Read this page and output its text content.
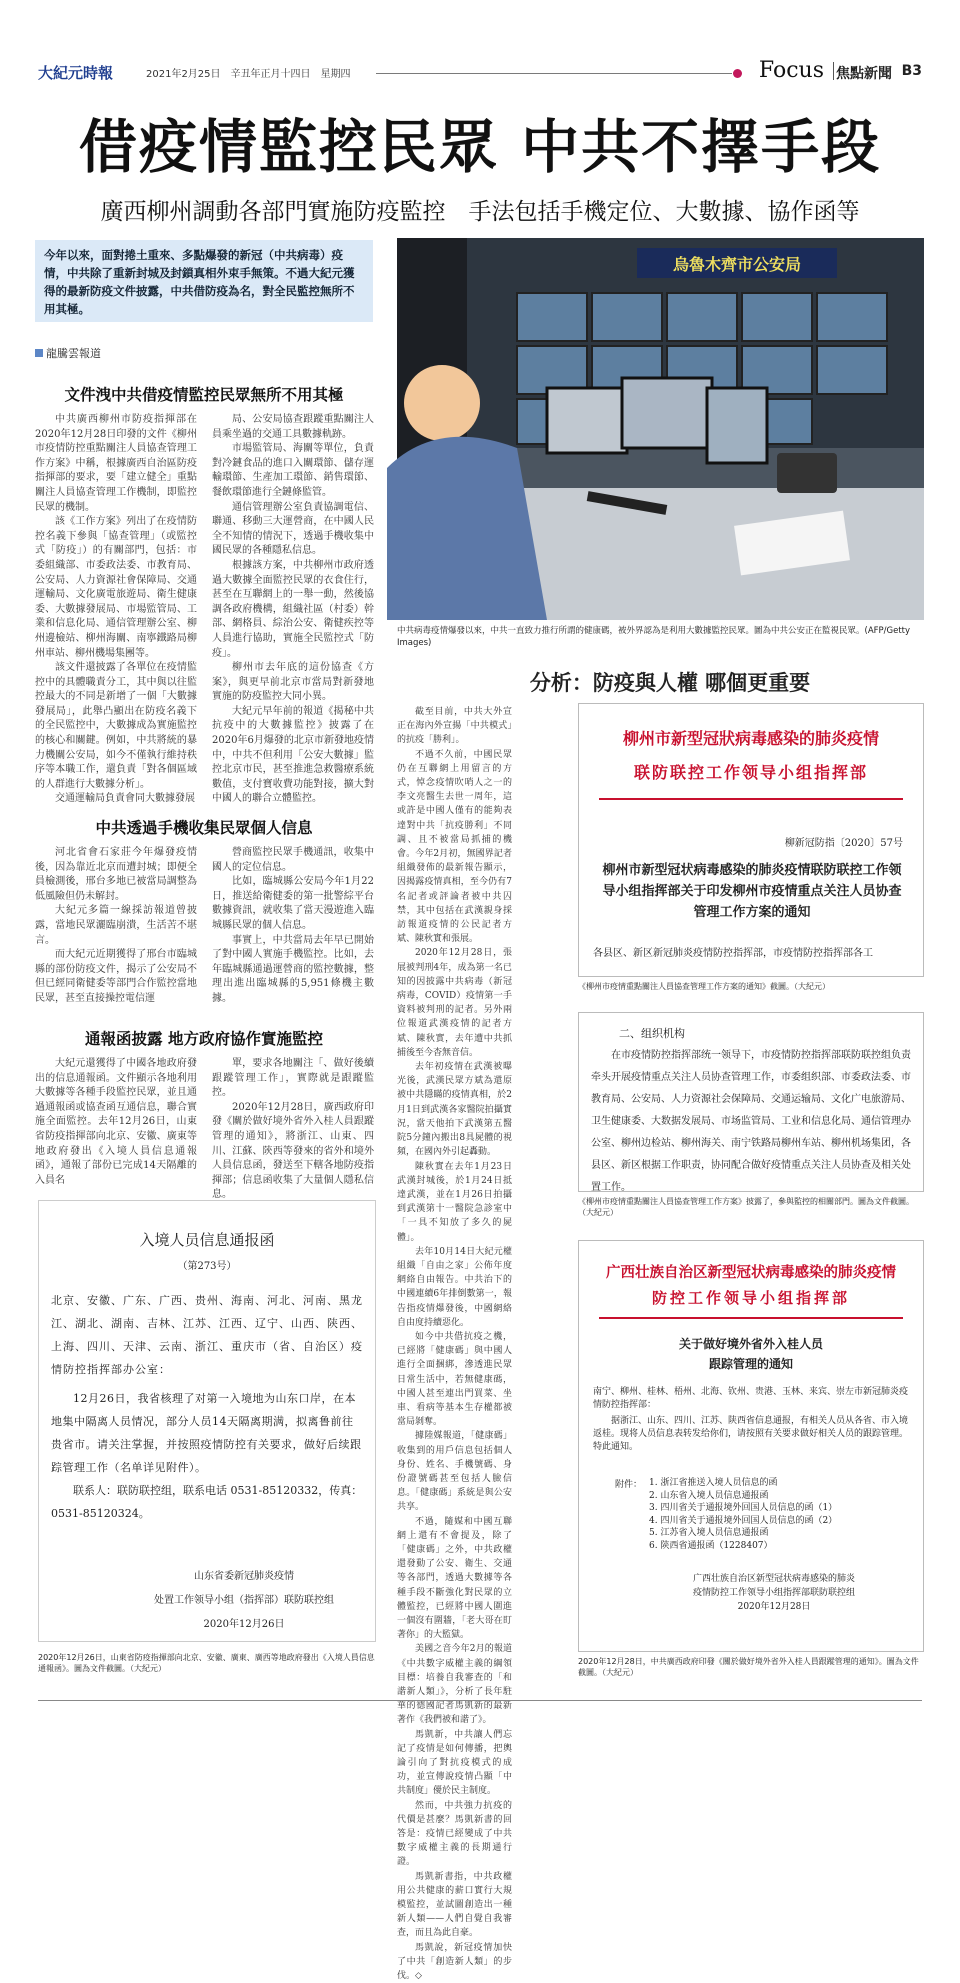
大紀元時報	2021年2月25日　辛丑年正月十四日　星期四	Focus 焦點新聞 B3
借疫情監控民眾 中共不擇手段
廣西柳州調動各部門實施防疫監控　手法包括手機定位、大數據、協作函等
今年以來，面對捲土重來、多點爆發的新冠（中共病毒）疫情，中共除了重新封城及封鎖真相外束手無策。不過大紀元獲得的最新防疫文件披露，中共借防疫為名，對全民監控無所不用其極。
龍騰雲報道
文件洩中共借疫情監控民眾無所不用其極

中共廣西柳州市防疫指揮部在2020年12月28日印發的文件《柳州市疫情防控重點關注人員協查管理工作方案》中稱，根據廣西自治區防疫指揮部的要求，要「建立健全」重點關注人員協查管理工作機制，即監控民眾的機制。

該《工作方案》列出了在疫情防控名義下參與「協查管理」（或監控式「防疫」）的有關部門，包括：市委組織部、市委政法委、市教育局、公安局、人力資源社會保障局、交通運輸局、文化廣電旅遊局、衛生健康委、大數據發展局、市場監管局、工業和信息化局、通信管理辦公室、柳州邊檢站、柳州海關、南寧鐵路局柳州車站、柳州機場集團等。

該文件還披露了各單位在疫情監控中的具體職責分工，其中與以往監控最大的不同是新增了一個「大數據發展局」，此舉凸顯出在防疫名義下的全民監控中，大數據成為實施監控的核心和關鍵。例如，中共將統的暴力機關公安局，如今不僅執行維持秩序等本職工作，還負責「對各個區域的人群進行大數據分析」。

交通運輸局負責會同大數據發展

局、公安局協查跟蹤重點關注人員乘坐過的交通工具數據軌跡。

市場監管局、海關等單位，負責對冷鏈食品的進口入關環節、儲存運輸環節、生產加工環節、銷售環節、餐飲環節進行全鏈條監管。

通信管理辦公室負責協調電信、聯通、移動三大運營商，在中國人民全不知情的情況下，透過手機收集中國民眾的各種隱私信息。

根據該方案，中共柳州市政府透過大數據全面監控民眾的衣食住行，甚至在互聯網上的一舉一動，然後協調各政府機構，組織社區（村委）幹部、網格員、綜治公安、衛健疾控等人員進行協助，實施全民監控式「防疫」。

柳州市去年底的這份協查《方案》，與更早前北京市當局對新發地實施的防疫監控大同小異。

大紀元早年前的報道《揭秘中共抗疫中的大數據監控》披露了在2020年6月爆發的北京市新發地疫情中，中共不但利用「公安大數據」監控北京市民，甚至推進急救醫療系統數值，支付寶收費功能對接，擴大對中國人的聯合立體監控。

中共透過手機收集民眾個人信息

河北省會石家莊今年爆發疫情後，因為靠近北京而遭封城；即便全員檢測後，邢台多地已被當局調整為低風險但仍未解封。

大紀元多篇一線採訪報道曾披露，當地民眾灑臨崩潰，生活苦不堪言。

而大紀元近期獲得了邢台市臨城縣的部份防疫文件，揭示了公安局不但已經同衛健委等部門合作監控當地民眾，甚至直接操控電信運

營商監控民眾手機通訊，收集中國人的定位信息。

比如，臨城縣公安局今年1月22日，推送給衛健委的第一批警綜平台數據資訊，就收集了當天漫遊進入臨城縣民眾的個人信息。

事實上，中共當局去年早已開始了對中國人實施手機監控。比如，去年臨城縣通過運營商的監控數據，整理出進出臨城縣的5,951條機主數據。

通報函披露 地方政府協作實施監控

大紀元還獲得了中國各地政府發出的信息通報函。文件顯示各地利用大數據等各種手段監控民眾，並且通過通報函或協查函互通信息，聯合實施全面監控。去年12月26日，山東省防疫指揮部向北京、安徽、廣東等地政府發出《入境人員信息通報函》，通報了部份已完成14天隔離的入員名

單，要求各地關注「、做好後續跟蹤管理工作」，實際就是跟蹤監控。

2020年12月28日，廣西政府印發《關於做好境外省外入桂人員跟蹤管理的通知》，將浙江、山東、四川、江蘇、陝西等發來的省外和境外人員信息函，發送至下轄各地防疫指揮部；信息函收集了大量個人隱私信息。

入境人员信息通报函
（第273号）
北京、安徽、广东、广西、贵州、海南、河北、河南、黑龙江、湖北、湖南、吉林、江苏、江西、辽宁、山西、陕西、上海、四川、天津、云南、浙江、重庆市（省、自治区）疫情防控指挥部办公室：
12月26日，我省核理了对第一入境地为山东口岸，在本地集中隔离人员情况，部分人员14天隔离期满，拟离鲁前往贵省市。请关注掌握，并按照疫情防控有关要求，做好后续跟踪管理工作（名单详见附件）。
联系人：联防联控组，联系电话 0531-85120332，传真：0531-85120324。
山东省委新冠肺炎疫情
处置工作领导小组（指挥部）联防联控组
2020年12月26日
2020年12月26日，山東省防疫指揮部向北京、安徽、廣東、廣西等地政府發出《入境人員信息通報函》。圖為文件截圖。（大紀元）
烏魯木齊市公安局
中共病毒疫情爆發以來，中共一直致力推行所謂的健康碼，被外界認為是利用大數據監控民眾。圖為中共公安正在監視民眾。(AFP/Getty Images)
分析：防疫與人權 哪個更重要

截至目前，中共大外宣正在海內外宣揚「中共模式」的抗疫「勝利」。

不過不久前，中國民眾仍在互聯網上用留言的方式，悼念疫情吹哨人之一的李文亮醫生去世一周年，這或許是中國人僅有的能夠表達對中共「抗疫勝利」不同調、且不被當局抓捕的機會。今年2月初，無國界記者組織發佈的最新報告顯示，因揭露疫情真相，至今仍有7名記者或評論者被中共囚禁，其中包括在武漢親身採訪報道疫情的公民記者方斌、陳秋實和張展。

2020年12月28日，張展被判刑4年，成為第一名已知的因披露中共病毒（新冠病毒，COVID）疫情第一手資料被判刑的記者。另外兩位報道武漢疫情的記者方斌、陳秋實，去年遭中共抓捕後至今杳無音信。

去年初疫情在武漢被曝光後，武漢民眾方斌為還原被中共隱瞞的疫情真相，於2月1日到武漢各家醫院拍攝實況，當天他拍下武漢第五醫院5分鐘內搬出8具屍體的視頻，在國內外引起轟動。

陳秋實在去年1月23日武漢封城後，於1月24日抵達武漢，並在1月26日拍攝到武漢第十一醫院急診室中「一具不知放了多久的屍體」。

去年10月14日大紀元權組織「自由之家」公佈年度網絡自由報告。中共治下的中國連續6年排倒數第一，報告指疫情爆發後，中國網絡自由度持續惡化。

如今中共借抗疫之機，已經將「健康碼」與中國人進行全面捆綁，滲透進民眾日常生活中，若無健康碼，中國人甚至連出門買菜、坐車、看病等基本生存權都被當局剝奪。

據陸媒報道，「健康碼」收集到的用戶信息包括個人身份、姓名、手機號碼、身份證號碼甚至包括人臉信息。「健康碼」系統是與公安共享。

不過，隨媒和中國互聯網上還有不會提及，除了「健康碼」之外，中共政權還發動了公安、衛生、交通等各部門，透過大數據等各種手段不斷強化對民眾的立體監控，已經將中國人圍進一個沒有圍牆，「老大哥在盯著你」的大監獄。

美國之音今年2月的報道《中共數字威權主義的綱領目標：培養自我審查的「和諧新人類」》，分析了長年駐華的德國記者馬凱新的最新著作《我們被和諧了》。

馬凱新，中共讓人們忘記了疫情是如何傳播，把輿論引向了對抗疫模式的成功，並宣傳說疫情凸顯「中共制度」優於民主制度。

然而，中共強力抗疫的代價是甚麼？馬凱新書的回答是：疫情已經變成了中共數字威權主義的長期通行證。

馬凱新書指，中共政權用公共健康的薪口實行大規模監控，並試圖創造出一種新人類——人們自覺自我審查，而且為此自豪。

馬凱說，新冠疫情加快了中共「創造新人類」的步伐。◇

柳州市新型冠狀病毒感染的肺炎疫情
联防联控工作领导小组指挥部
柳新冠防指〔2020〕57号
柳州市新型冠状病毒感染的肺炎疫情联防联控工作领导小组指挥部关于印发柳州市疫情重点关注人员协查管理工作方案的通知
各县区、新区新冠肺炎疫情防控指挥部，市疫情防控指挥部各工
《柳州市疫情重點關注人員協查管理工作方案的通知》截圖。（大紀元）
二、组织机构
在市疫情防控指挥部统一领导下，市疫情防控指挥部联防联控组负责牵头开展疫情重点关注人员协查管理工作，市委组织部、市委政法委、市教育局、公安局、人力资源社会保障局、交通运输局、文化广电旅游局、卫生健康委、大数据发展局、市场监管局、工业和信息化局、通信管理办公室、柳州边检站、柳州海关、南宁铁路局柳州车站、柳州机场集团，各县区、新区根据工作职责，协同配合做好疫情重点关注人员协查及相关处置工作。
《柳州市疫情重點關注人員協查管理工作方案》披露了，參與監控的相關部門。圖為文件截圖。（大紀元）
广西壮族自治区新型冠状病毒感染的肺炎疫情
防控工作领导小组指挥部
关于做好境外省外入桂人员
跟踪管理的通知
南宁、柳州、桂林、梧州、北海、钦州、贵港、玉林、来宾、崇左市新冠肺炎疫情防控指挥部：
据浙江、山东、四川、江苏、陕西省信息通报，有相关人员从各省、市入境返桂。现将人员信息表转发给你们，请按照有关要求做好相关人员的跟踪管理。特此通知。
附件： 1. 浙江省推送入境人员信息的函
2. 山东省入境人员信息通报函
3. 四川省关于通报境外回国人员信息的函（1）
4. 四川省关于通报境外回国人员信息的函（2）
5. 江苏省入境人员信息通报函
6. 陕西省通报函（1228407）
广西壮族自治区新型冠状病毒感染的肺炎
疫情防控工作领导小组指挥部联防联控组
2020年12月28日
2020年12月28日，中共廣西政府印發《關於做好境外省外入桂人員跟蹤管理的通知》。圖為文件截圖。（大紀元）
